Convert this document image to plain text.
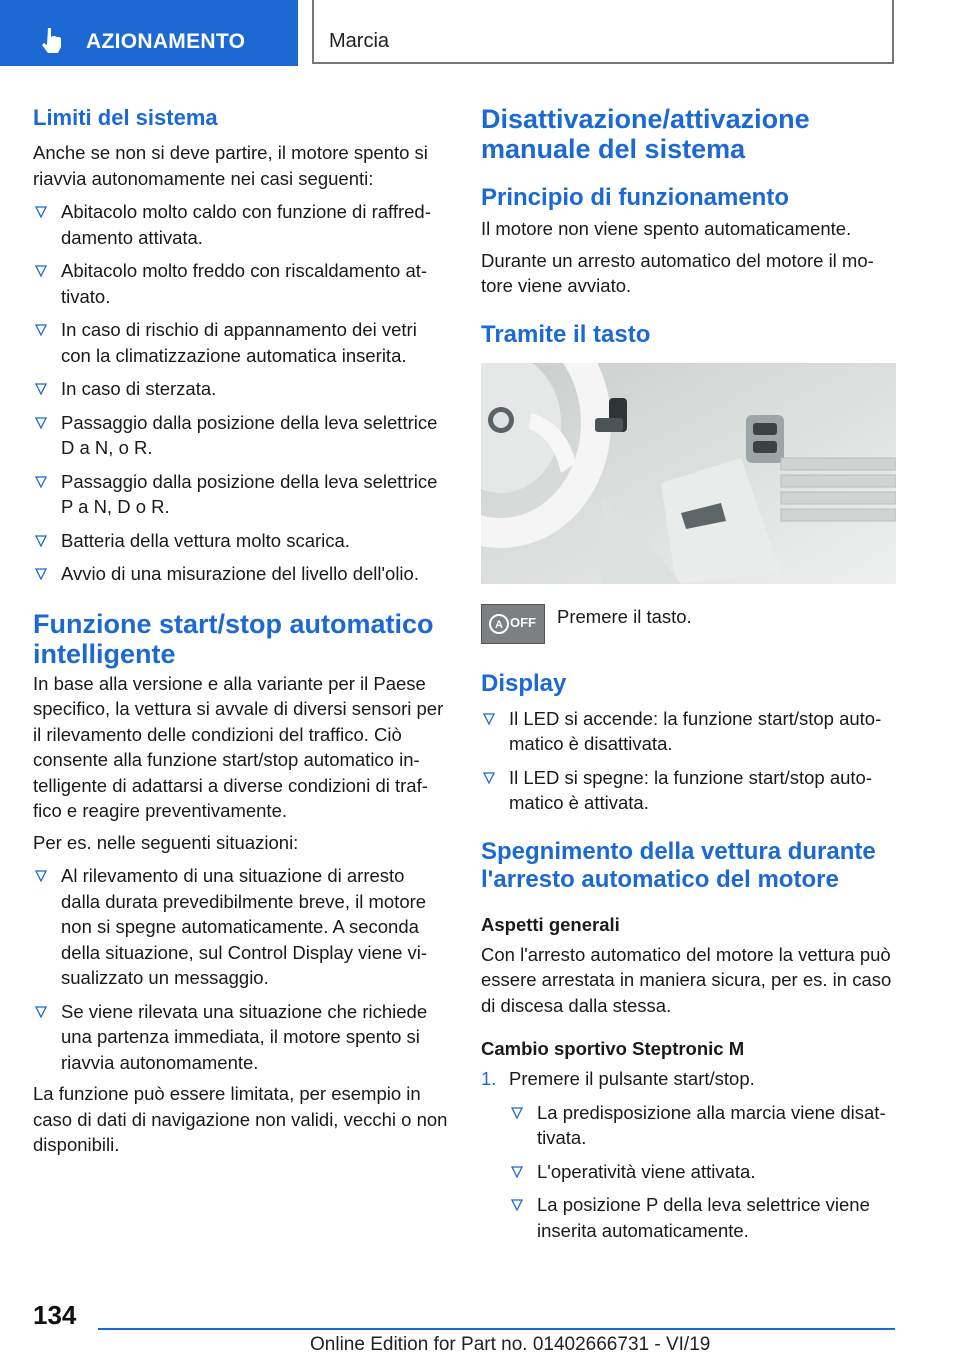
AZIONAMENTO	Marcia
Limiti del sistema

Anche se non si deve partire, il motore spento si riavvia autonomamente nei casi seguenti:

Abitacolo molto caldo con funzione di raffred-damento attivata.
Abitacolo molto freddo con riscaldamento at-tivato.
In caso di rischio di appannamento dei vetri con la climatizzazione automatica inserita.
In caso di sterzata.
Passaggio dalla posizione della leva selettrice D a N, o R.
Passaggio dalla posizione della leva selettrice P a N, D o R.
Batteria della vettura molto scarica.
Avvio di una misurazione del livello dell'olio.
Funzione start/stop automatico intelligente

In base alla versione e alla variante per il Paese specifico, la vettura si avvale di diversi sensori per il rilevamento delle condizioni del traffico. Ciò consente alla funzione start/stop automatico in-telligente di adattarsi a diverse condizioni di traf-fico e reagire preventivamente.

Per es. nelle seguenti situazioni:

Al rilevamento di una situazione di arresto dalla durata prevedibilmente breve, il motore non si spegne automaticamente. A seconda della situazione, sul Control Display viene vi-sualizzato un messaggio.
Se viene rilevata una situazione che richiede una partenza immediata, il motore spento si riavvia autonomamente.

La funzione può essere limitata, per esempio in caso di dati di navigazione non validi, vecchi o non disponibili.

Disattivazione/attivazione manuale del sistema
Principio di funzionamento

Il motore non viene spento automaticamente.

Durante un arresto automatico del motore il mo-tore viene avviato.

Tramite il tasto
A OFF Premere il tasto.

Display
Il LED si accende: la funzione start/stop auto-matico è disattivata.
Il LED si spegne: la funzione start/stop auto-matico è attivata.
Spegnimento della vettura durante l'arresto automatico del motore
Aspetti generali

Con l'arresto automatico del motore la vettura può essere arrestata in maniera sicura, per es. in caso di discesa dalla stessa.

Cambio sportivo Steptronic M
1. Premere il pulsante start/stop.
La predisposizione alla marcia viene disat-tivata.
L'operatività viene attivata.
La posizione P della leva selettrice viene inserita automaticamente.
134
Online Edition for Part no. 01402666731 - VI/19
